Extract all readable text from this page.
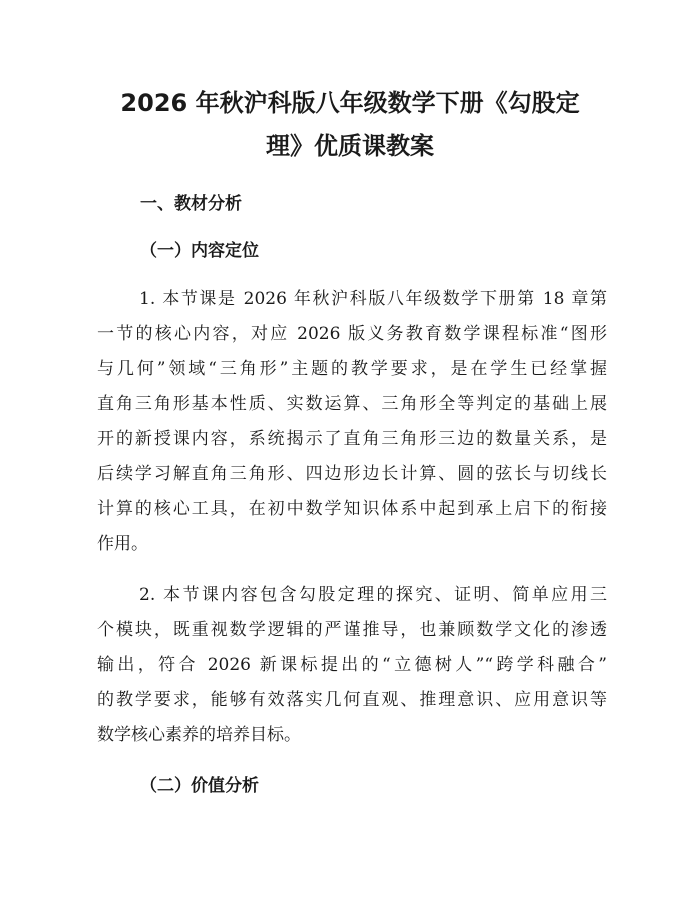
2026 年秋沪科版八年级数学下册《勾股定
理》优质课教案
一、教材分析
（一）内容定位

1. 本节课是 2026 年秋沪科版八年级数学下册第 18 章第
一节的核心内容，对应 2026 版义务教育数学课程标准“图形
与几何”领域“三角形”主题的教学要求，是在学生已经掌握
直角三角形基本性质、实数运算、三角形全等判定的基础上展
开的新授课内容，系统揭示了直角三角形三边的数量关系，是
后续学习解直角三角形、四边形边长计算、圆的弦长与切线长
计算的核心工具，在初中数学知识体系中起到承上启下的衔接
作用。

2. 本节课内容包含勾股定理的探究、证明、简单应用三
个模块，既重视数学逻辑的严谨推导，也兼顾数学文化的渗透
输出，符合 2026 新课标提出的“立德树人”“跨学科融合”
的教学要求，能够有效落实几何直观、推理意识、应用意识等
数学核心素养的培养目标。

（二）价值分析
